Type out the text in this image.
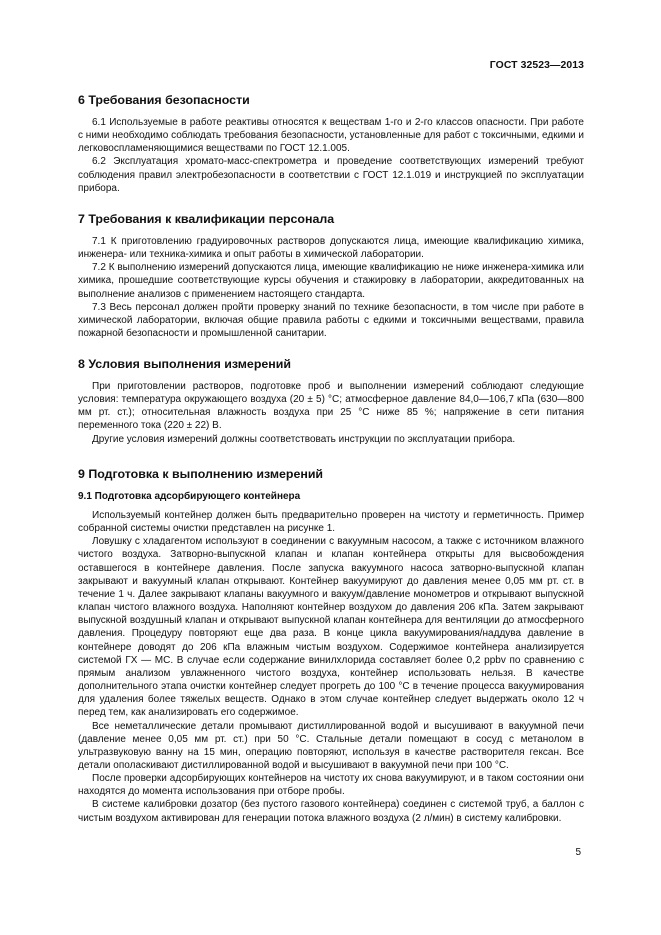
ГОСТ 32523—2013
6 Требования безопасности

6.1 Используемые в работе реактивы относятся к веществам 1-го и 2-го классов опасности. При работе с ними необходимо соблюдать требования безопасности, установленные для работ с токсичными, едкими и легковоспламеняющимися веществами по ГОСТ 12.1.005.

6.2 Эксплуатация хромато-масс-спектрометра и проведение соответствующих измерений требуют соблюдения правил электробезопасности в соответствии с ГОСТ 12.1.019 и инструкцией по эксплуатации прибора.

7 Требования к квалификации персонала

7.1 К приготовлению градуировочных растворов допускаются лица, имеющие квалификацию химика, инженера- или техника-химика и опыт работы в химической лаборатории.

7.2 К выполнению измерений допускаются лица, имеющие квалификацию не ниже инженера-химика или химика, прошедшие соответствующие курсы обучения и стажировку в лаборатории, аккредитованных на выполнение анализов с применением настоящего стандарта.

7.3 Весь персонал должен пройти проверку знаний по технике безопасности, в том числе при работе в химической лаборатории, включая общие правила работы с едкими и токсичными веществами, правила пожарной безопасности и промышленной санитарии.

8 Условия выполнения измерений

При приготовлении растворов, подготовке проб и выполнении измерений соблюдают следующие условия: температура окружающего воздуха (20 ± 5) °С; атмосферное давление 84,0—106,7 кПа (630—800 мм рт. ст.); относительная влажность воздуха при 25 °С ниже 85 %; напряжение в сети питания переменного тока (220 ± 22) В.

Другие условия измерений должны соответствовать инструкции по эксплуатации прибора.

9 Подготовка к выполнению измерений
9.1 Подготовка адсорбирующего контейнера

Используемый контейнер должен быть предварительно проверен на чистоту и герметичность. Пример собранной системы очистки представлен на рисунке 1.

Ловушку с хладагентом используют в соединении с вакуумным насосом, а также с источником влажного чистого воздуха. Затворно-выпускной клапан и клапан контейнера открыты для высвобождения оставшегося в контейнере давления. После запуска вакуумного насоса затворно-выпускной клапан закрывают и вакуумный клапан открывают. Контейнер вакуумируют до давления менее 0,05 мм рт. ст. в течение 1 ч. Далее закрывают клапаны вакуумного и вакуум/давление монометров и открывают выпускной клапан чистого влажного воздуха. Наполняют контейнер воздухом до давления 206 кПа. Затем закрывают выпускной воздушный клапан и открывают выпускной клапан контейнера для вентиляции до атмосферного давления. Процедуру повторяют еще два раза. В конце цикла вакуумирования/наддува давление в контейнере доводят до 206 кПа влажным чистым воздухом. Содержимое контейнера анализируется системой ГХ — МС. В случае если содержание винилхлорида составляет более 0,2 ppbv по сравнению с прямым анализом увлажненного чистого воздуха, контейнер использовать нельзя. В качестве дополнительного этапа очистки контейнер следует прогреть до 100 °С в течение процесса вакуумирования для удаления более тяжелых веществ. Однако в этом случае контейнер следует выдержать около 12 ч перед тем, как анализировать его содержимое.

Все неметаллические детали промывают дистиллированной водой и высушивают в вакуумной печи (давление менее 0,05 мм рт. ст.) при 50 °С. Стальные детали помещают в сосуд с метанолом в ультразвуковую ванну на 15 мин, операцию повторяют, используя в качестве растворителя гексан. Все детали ополаскивают дистиллированной водой и высушивают в вакуумной печи при 100 °С.

После проверки адсорбирующих контейнеров на чистоту их снова вакуумируют, и в таком состоянии они находятся до момента использования при отборе пробы.

В системе калибровки дозатор (без пустого газового контейнера) соединен с системой труб, а баллон с чистым воздухом активирован для генерации потока влажного воздуха (2 л/мин) в систему калибровки.

5
